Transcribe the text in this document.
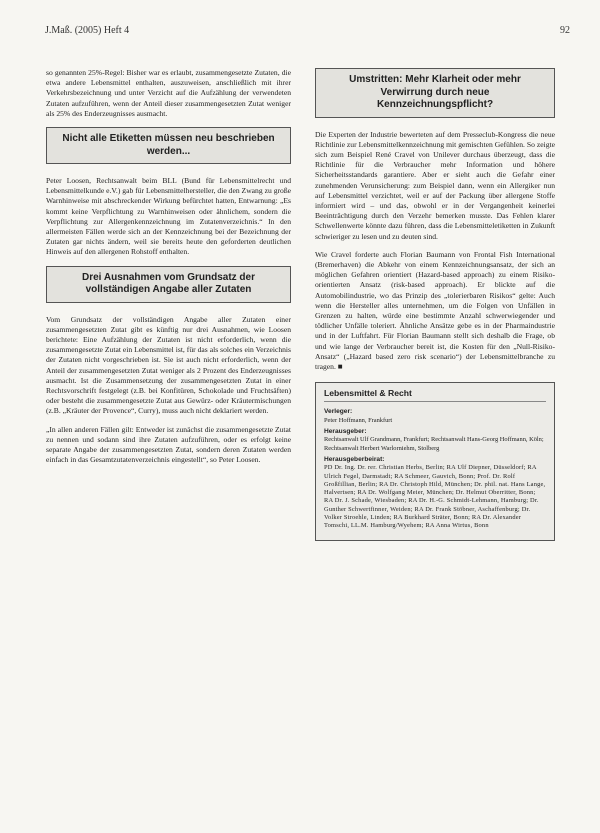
J.Maß. (2005) Heft 4	92

so genannten 25%-Regel: Bisher war es erlaubt, zusammengesetzte Zutaten, die etwa andere Lebensmittel enthalten, auszuweisen, anschließlich mit ihrer Verkehrsbezeichnung und unter Verzicht auf die Aufzählung der verwendeten Zutaten aufzuführen, wenn der Anteil dieser zusammengesetzten Zutat weniger als 25% des Enderzeugnisses ausmacht.

Nicht alle Etiketten müssen neu beschrieben werden...

Peter Loosen, Rechtsanwalt beim BLL (Bund für Lebensmittelrecht und Lebensmittelkunde e.V.) gab für Lebensmittelhersteller, die den Zwang zu große Warnhinweise mit abschreckender Wirkung befürchtet hatten, Entwarnung: „Es kommt keine Verpflichtung zu Warnhinweisen oder ähnlichem, sondern die Verpflichtung zur Allergenkennzeichnung im Zutatenverzeichnis.“ In den allermeisten Fällen werde sich an der Kennzeichnung bei der Bezeichnung der Zutaten gar nichts ändern, weil sie bereits heute den geforderten deutlichen Hinweis auf den allergenen Rohstoff enthalten.

Drei Ausnahmen vom Grundsatz der vollständigen Angabe aller Zutaten

Vom Grundsatz der vollständigen Angabe aller Zutaten einer zusammengesetzten Zutat gibt es künftig nur drei Ausnahmen, wie Loosen berichtete: Eine Aufzählung der Zutaten ist nicht erforderlich, wenn die zusammengesetzte Zutat ein Lebensmittel ist, für das als solches ein Verzeichnis der Zutaten nicht vorgeschrieben ist. Sie ist auch nicht erforderlich, wenn der Anteil der zusammengesetzten Zutat weniger als 2 Prozent des Enderzeugnisses ausmacht. Ist die Zusammensetzung der zusammengesetzten Zutat in einer Rechtsvorschrift festgelegt (z.B. bei Konfitüren, Schokolade und Fruchtsäften) oder besteht die zusammengesetzte Zutat aus Gewürz- oder Kräutermischungen (z.B. „Kräuter der Provence“, Curry), muss auch nicht deklariert werden.

„In allen anderen Fällen gilt: Entweder ist zunächst die zusammengesetzte Zutat zu nennen und sodann sind ihre Zutaten aufzuführen, oder es erfolgt keine separate Angabe der zusammengesetzten Zutat, sondern deren Zutaten werden einfach in das Gesamtzutatenverzeichnis eingestellt“, so Peter Loosen.

Umstritten: Mehr Klarheit oder mehr Verwirrung durch neue Kennzeichnungspflicht?

Die Experten der Industrie bewerteten auf dem Presseclub-Kongress die neue Richtlinie zur Lebensmittelkennzeichnung mit gemischten Gefühlen. So zeigte sich zum Beispiel René Cravel von Unilever durchaus überzeugt, dass die Richtlinie für die Verbraucher mehr Information und höhere Sicherheitsstandards garantiere. Aber er sieht auch die Gefahr einer zunehmenden Verunsicherung: zum Beispiel dann, wenn ein Allergiker nun auf Lebensmittel verzichtet, weil er auf der Packung über allergene Stoffe informiert wird – und das, obwohl er in der Vergangenheit keinerlei Beeinträchtigung durch den Verzehr bemerken musste. Das Fehlen klarer Schwellenwerte könnte dazu führen, dass die Lebensmitteletiketten in Zukunft schwieriger zu lesen und zu deuten sind.

Wie Cravel forderte auch Florian Baumann von Frontal Fish International (Bremerhaven) die Abkehr von einem Kennzeichnungsansatz, der sich an möglichen Gefahren orientiert (Hazard-based approach) zu einem Risiko-orientierten Ansatz (risk-based approach). Er blickte auf die Automobilindustrie, wo das Prinzip des „tolerierbaren Risikos“ gelte: Auch wenn die Hersteller alles unternehmen, um die Folgen von Unfällen in Grenzen zu halten, würde eine bestimmte Anzahl schwerwiegender und tödlicher Unfälle toleriert. Ähnliche Ansätze gebe es in der Pharmaindustrie und in der Luftfahrt. Für Florian Baumann stellt sich deshalb die Frage, ob und wie lange der Verbraucher bereit ist, die Kosten für den „Null-Risiko-Ansatz“ („Hazard based zero risk scenario“) der Lebensmittelbranche zu tragen. ■

Lebensmittel & Recht
Verleger:
Peter Hoffmann, Frankfurt
Herausgeber:
Rechtsanwalt Ulf Grandmann, Frankfurt; Rechtsanwalt Hans-Georg Hoffmann, Köln; Rechtsanwalt Herbert Warlorniehm, Stolberg
Herausgeberbeirat:
PD Dr. Ing. Dr. rer. Christian Herbs, Berlin; RA Ulf Diepner, Düsseldorf; RA Ulrich Fegel, Darmstadt; RA Schmeer, Gauvich, Bonn; Prof. Dr. Rolf Großfillian, Berlin; RA Dr. Christoph Hild, München; Dr. phil. nat. Hans Lange, Halvertsen; RA Dr. Wolfgang Meier, München; Dr. Helmut Oberritter, Bonn; RA Dr. J. Schade, Wiesbaden; RA Dr. H.-G. Schmidt-Lehmann, Hamburg; Dr. Gunther Schwertfinner, Weiden; RA Dr. Frank Stöbner, Aschaffenburg; Dr. Volker Stroehle, Linden; RA Burkhard Sträter, Bonn; RA Dr. Alexander Tomschi, LL.M. Hamburg/Wyehem; RA Anna Wirtus, Bonn
